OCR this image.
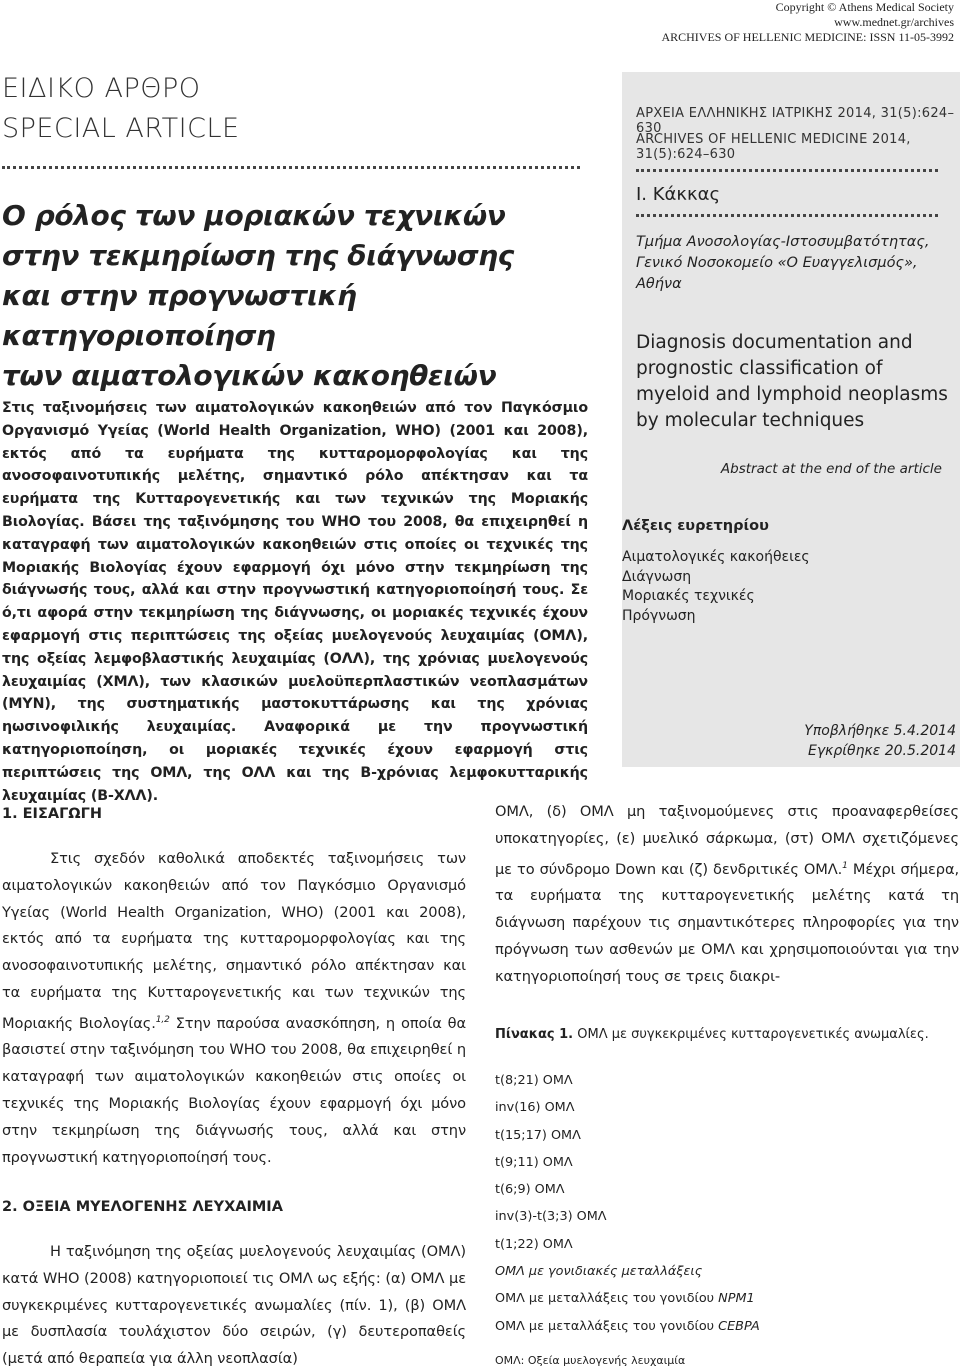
Copyright © Athens Medical Society
www.mednet.gr/archives
ARCHIVES OF HELLENIC MEDICINE: ISSN 11-05-3992
ΕΙΔΙΚΟ ΑΡΘΡΟ
SPECIAL ARTICLE
Ο ρόλος των μοριακών τεχνικών
στην τεκμηρίωση της διάγνωσης
και στην προγνωστική κατηγοριοποίηση
των αιματολογικών κακοηθειών
Στις ταξινομήσεις των αιματολογικών κακοηθειών από τον Παγκόσμιο Οργανισμό Υγείας (World Health Organization, WHO) (2001 και 2008), εκτός από τα ευρήματα της κυτταρομορφολογίας και της ανοσοφαινοτυπικής μελέτης, σημαντικό ρόλο απέκτησαν και τα ευρήματα της Κυτταρογενετικής και των τεχνικών της Μοριακής Βιολογίας. Βάσει της ταξινόμησης του WHO του 2008, θα επιχειρηθεί η καταγραφή των αιματολογικών κακοηθειών στις οποίες οι τεχνικές της Μοριακής Βιολογίας έχουν εφαρμογή όχι μόνο στην τεκμηρίωση της διάγνωσής τους, αλλά και στην προγνωστική κατηγοριοποίησή τους. Σε ό,τι αφορά στην τεκμηρίωση της διάγνωσης, οι μοριακές τεχνικές έχουν εφαρμογή στις περιπτώσεις της οξείας μυελογενούς λευχαιμίας (ΟΜΛ), της οξείας λεμφοβλαστικής λευχαιμίας (ΟΛΛ), της χρόνιας μυελογενούς λευχαιμίας (ΧΜΛ), των κλασικών μυελοϋπερπλαστικών νεοπλασμάτων (ΜΥΝ), της συστηματικής μαστοκυττάρωσης και της χρόνιας ηωσινοφιλικής λευχαιμίας. Αναφορικά με την προγνωστική κατηγοριοποίηση, οι μοριακές τεχνικές έχουν εφαρμογή στις περιπτώσεις της ΟΜΛ, της ΟΛΛ και της Β-χρόνιας λεμφοκυτταρικής λευχαιμίας (Β-ΧΛΛ).
ΑΡΧΕΙΑ ΕΛΛΗΝΙΚΗΣ ΙΑΤΡΙΚΗΣ 2014, 31(5):624–630
ARCHIVES OF HELLENIC MEDICINE 2014, 31(5):624–630
Ι. Κάκκας
Τμήμα Ανοσολογίας-Ιστοσυμβατότητας, Γενικό Νοσοκομείο «Ο Ευαγγελισμός», Αθήνα
Diagnosis documentation and prognostic classification of myeloid and lymphoid neoplasms by molecular techniques
Abstract at the end of the article
Λέξεις ευρετηρίου
Αιματολογικές κακοήθειες
Διάγνωση
Μοριακές τεχνικές
Πρόγνωση
Υποβλήθηκε 5.4.2014
Εγκρίθηκε 20.5.2014
1. ΕΙΣΑΓΩΓΗ
Στις σχεδόν καθολικά αποδεκτές ταξινομήσεις των αιματολογικών κακοηθειών από τον Παγκόσμιο Οργανισμό Υγείας (World Health Organization, WHO) (2001 και 2008), εκτός από τα ευρήματα της κυτταρομορφολογίας και της ανοσοφαινοτυπικής μελέτης, σημαντικό ρόλο απέκτησαν και τα ευρήματα της Κυτταρογενετικής και των τεχνικών της Μοριακής Βιολογίας.$^{1,2}$ Στην παρούσα ανασκόπηση, η οποία θα βασιστεί στην ταξινόμηση του WHO του 2008, θα επιχειρηθεί η καταγραφή των αιματολογικών κακοηθειών στις οποίες οι τεχνικές της Μοριακής Βιολογίας έχουν εφαρμογή όχι μόνο στην τεκμηρίωση της διάγνωσής τους, αλλά και στην προγνωστική κατηγοριοποίησή τους.
2. ΟΞΕΙΑ ΜΥΕΛΟΓΕΝΗΣ ΛΕΥΧΑΙΜΙΑ
Η ταξινόμηση της οξείας μυελογενούς λευχαιμίας (ΟΜΛ) κατά WHO (2008) κατηγοριοποιεί τις ΟΜΛ ως εξής: (α) ΟΜΛ με συγκεκριμένες κυτταρογενετικές ανωμαλίες (πίν. 1), (β) ΟΜΛ με δυσπλασία τουλάχιστον δύο σειρών, (γ) δευτεροπαθείς (μετά από θεραπεία για άλλη νεοπλασία)
ΟΜΛ, (δ) ΟΜΛ μη ταξινομούμενες στις προαναφερθείσες υποκατηγορίες, (ε) μυελικό σάρκωμα, (στ) ΟΜΛ σχετιζόμενες με το σύνδρομο Down και (ζ) δενδριτικές ΟΜΛ.$^1$ Μέχρι σήμερα, τα ευρήματα της κυτταρογενετικής μελέτης κατά τη διάγνωση παρέχουν τις σημαντικότερες πληροφορίες για την πρόγνωση των ασθενών με ΟΜΛ και χρησιμοποιούνται για την κατηγοριοποίησή τους σε τρεις διακρι-
Πίνακας 1. ΟΜΛ με συγκεκριμένες κυτταρογενετικές ανωμαλίες.
t(8;21) ΟΜΛ
inv(16) ΟΜΛ
t(15;17) ΟΜΛ
t(9;11) ΟΜΛ
t(6;9) ΟΜΛ
inv(3)-t(3;3) ΟΜΛ
t(1;22) ΟΜΛ
ΟΜΛ με γονιδιακές μεταλλάξεις
ΟΜΛ με μεταλλάξεις του γονιδίου NPM1
ΟΜΛ με μεταλλάξεις του γονιδίου CEBPA
ΟΜΛ: Οξεία μυελογενής λευχαιμία
